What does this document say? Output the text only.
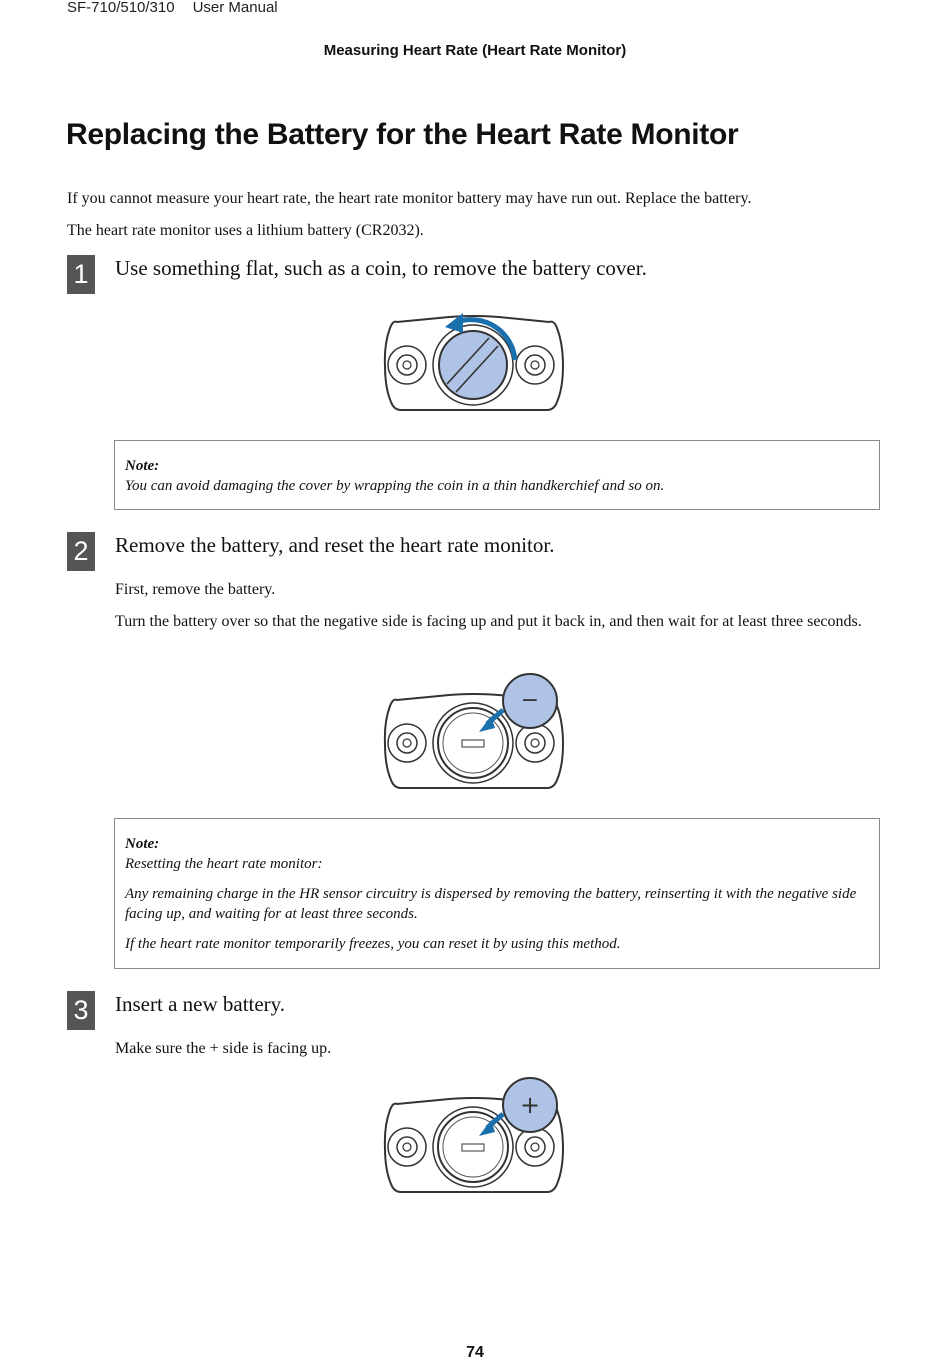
SF-710/510/310 User Manual
Measuring Heart Rate (Heart Rate Monitor)
Replacing the Battery for the Heart Rate Monitor

If you cannot measure your heart rate, the heart rate monitor battery may have run out. Replace the battery.

The heart rate monitor uses a lithium battery (CR2032).

1	Use something flat, such as a coin, to remove the battery cover.

Note:

You can avoid damaging the cover by wrapping the coin in a thin handkerchief and so on.

2	Remove the battery, and reset the heart rate monitor.

First, remove the battery.

Turn the battery over so that the negative side is facing up and put it back in, and then wait for at least three seconds.

−

Note:

Resetting the heart rate monitor:

Any remaining charge in the HR sensor circuitry is dispersed by removing the battery, reinserting it with the negative side facing up, and waiting for at least three seconds.

If the heart rate monitor temporarily freezes, you can reset it by using this method.

3	Insert a new battery.

Make sure the + side is facing up.

+
74
